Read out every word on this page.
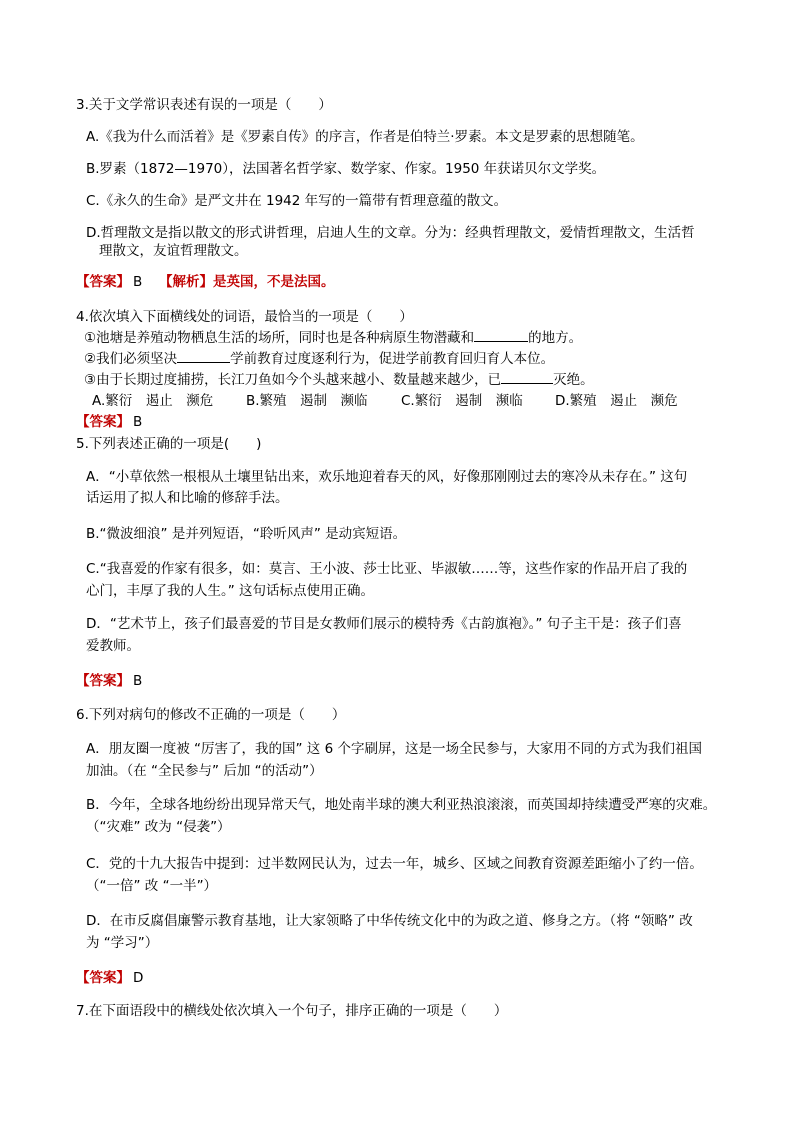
3.关于文学常识表述有误的一项是（　　）
A.《我为什么而活着》是《罗素自传》的序言，作者是伯特兰·罗素。本文是罗素的思想随笔。
B.罗素（1872—1970），法国著名哲学家、数学家、作家。1950 年获诺贝尔文学奖。
C.《永久的生命》是严文井在 1942 年写的一篇带有哲理意蕴的散文。
D.哲理散文是指以散文的形式讲哲理，启迪人生的文章。分为：经典哲理散文，爱情哲理散文，生活哲
理散文，友谊哲理散文。
【答案】 B 【解析】是英国，不是法国。
4.依次填入下面横线处的词语，最恰当的一项是（　　）
①池塘是养殖动物栖息生活的场所，同时也是各种病原生物潜藏和	的地方。
②我们必须坚决	学前教育过度逐利行为，促进学前教育回归育人本位。
③由于长期过度捕捞，长江刀鱼如今个头越来越小、数量越来越少，已	灭绝。
A.繁衍　遏止　濒危 B.繁殖　遏制　濒临 C.繁衍　遏制　濒临 D.繁殖　遏止　濒危
【答案】 B
5.下列表述正确的一项是(　　)
A．“小草依然一根根从土壤里钻出来，欢乐地迎着春天的风，好像那刚刚过去的寒冷从未存在。” 这句
话运用了拟人和比喻的修辞手法。
B.“微波细浪” 是并列短语，“聆听风声” 是动宾短语。
C.“我喜爱的作家有很多，如：莫言、王小波、莎士比亚、毕淑敏……等，这些作家的作品开启了我的
心门，丰厚了我的人生。” 这句话标点使用正确。
D．“艺术节上，孩子们最喜爱的节目是女教师们展示的模特秀《古韵旗袍》。” 句子主干是：孩子们喜
爱教师。
【答案】 B
6.下列对病句的修改不正确的一项是（　　）
A．朋友圈一度被 “厉害了，我的国” 这 6 个字刷屏，这是一场全民参与，大家用不同的方式为我们祖国
加油。（在 “全民参与” 后加 “的活动”）
B．今年，全球各地纷纷出现异常天气，地处南半球的澳大利亚热浪滚滚，而英国却持续遭受严寒的灾难。
（“灾难” 改为 “侵袭”）
C．党的十九大报告中提到：过半数网民认为，过去一年，城乡、区域之间教育资源差距缩小了约一倍。
（“一倍” 改 “一半”）
D．在市反腐倡廉警示教育基地，让大家领略了中华传统文化中的为政之道、修身之方。（将 “领略” 改
为 “学习”）
【答案】 D
7.在下面语段中的横线处依次填入一个句子，排序正确的一项是（　　）
